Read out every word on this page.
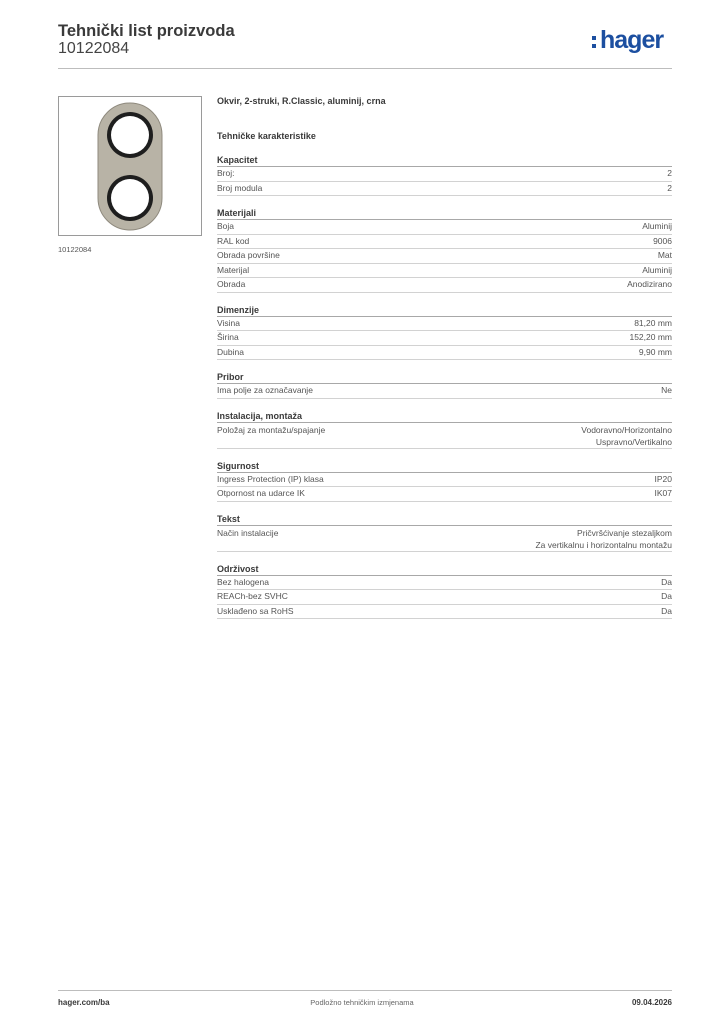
Tehnički list proizvoda
10122084	hager
10122084
Okvir, 2-struki, R.Classic, aluminij, crna
Tehničke karakteristike
Kapacitet
Broj:	2
Broj modula	2
Materijali
Boja	Aluminij
RAL kod	9006
Obrada površine	Mat
Materijal	Aluminij
Obrada	Anodizirano
Dimenzije
Visina	81,20 mm
Širina	152,20 mm
Dubina	9,90 mm
Pribor
Ima polje za označavanje	Ne
Instalacija, montaža
Položaj za montažu/spajanje	Vodoravno/Horizontalno
Uspravno/Vertikalno
Sigurnost
Ingress Protection (IP) klasa	IP20
Otpornost na udarce IK	IK07
Tekst
Način instalacije	Pričvršćivanje stezaljkom
Za vertikalnu i horizontalnu montažu
Održivost
Bez halogena	Da
REACh-bez SVHC	Da
Usklađeno sa RoHS	Da
hager.com/ba	Podložno tehničkim izmjenama	09.04.2026
